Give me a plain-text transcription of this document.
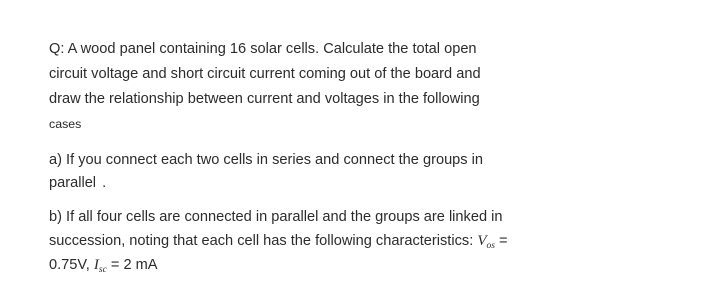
Q: A wood panel containing 16 solar cells. Calculate the total open
circuit voltage and short circuit current coming out of the board and
draw the relationship between current and voltages in the following
cases
a) If you connect each two cells in series and connect the groups in
parallel .
b) If all four cells are connected in parallel and the groups are linked in
succession, noting that each cell has the following characteristics: $V_{os}$ =
0.75V, $I_{sc} = 2$ mA
